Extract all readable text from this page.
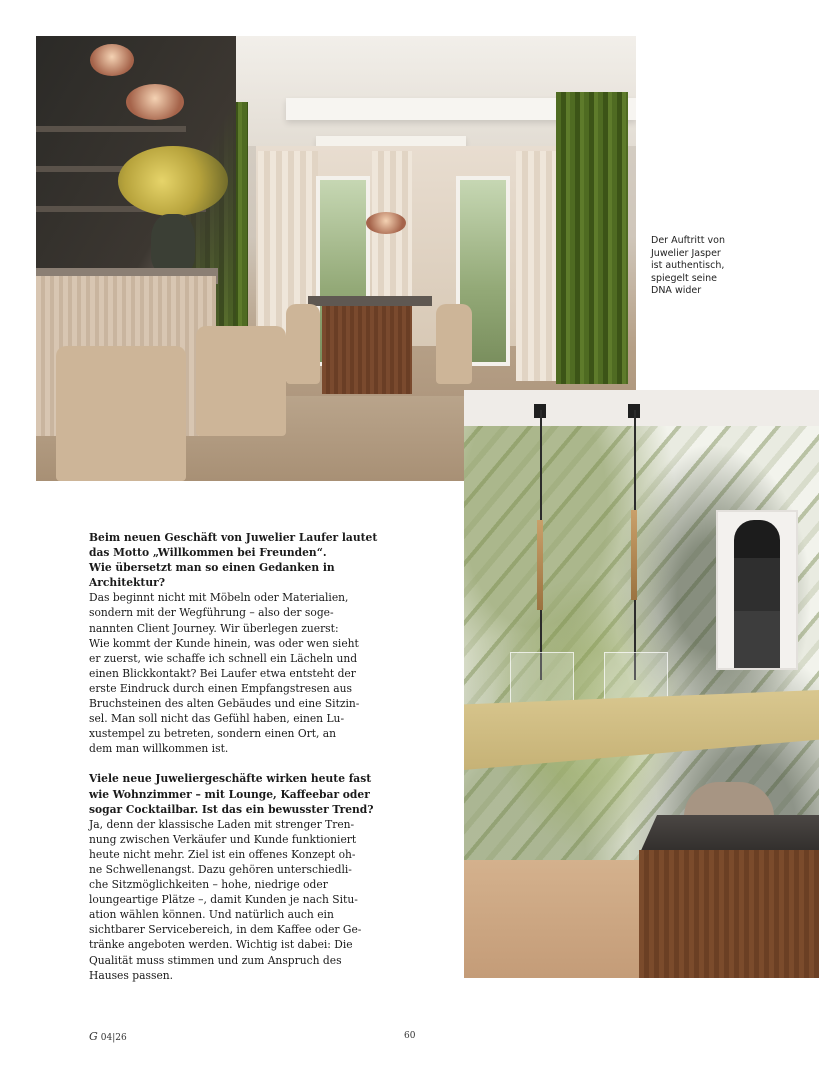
Der Auftritt von
Juwelier Jasper
ist authentisch,
spiegelt seine
DNA wider
Beim neuen Geschäft von Juwelier Laufer lautet
das Motto „Willkommen bei Freunden“.
Wie übersetzt man so einen Gedanken in
Architektur?
Das beginnt nicht mit Möbeln oder Materialien,
sondern mit der Wegführung – also der soge-
nannten Client Journey. Wir überlegen zuerst:
Wie kommt der Kunde hinein, was oder wen sieht
er zuerst, wie schaffe ich schnell ein Lächeln und
einen Blickkontakt? Bei Laufer etwa entsteht der
erste Eindruck durch einen Empfangstresen aus
Bruchsteinen des alten Gebäudes und eine Sitzin-
sel. Man soll nicht das Gefühl haben, einen Lu-
xustempel zu betreten, sondern einen Ort, an
dem man willkommen ist.
Viele neue Juweliergeschäfte wirken heute fast
wie Wohnzimmer – mit Lounge, Kaffeebar oder
sogar Cocktailbar. Ist das ein bewusster Trend?
Ja, denn der klassische Laden mit strenger Tren-
nung zwischen Verkäufer und Kunde funktioniert
heute nicht mehr. Ziel ist ein offenes Konzept oh-
ne Schwellenangst. Dazu gehören unterschiedli-
che Sitzmöglichkeiten – hohe, niedrige oder
loungeartige Plätze –, damit Kunden je nach Situ-
ation wählen können. Und natürlich auch ein
sichtbarer Servicebereich, in dem Kaffee oder Ge-
tränke angeboten werden. Wichtig ist dabei: Die
Qualität muss stimmen und zum Anspruch des
Hauses passen.
G 04|26	60
